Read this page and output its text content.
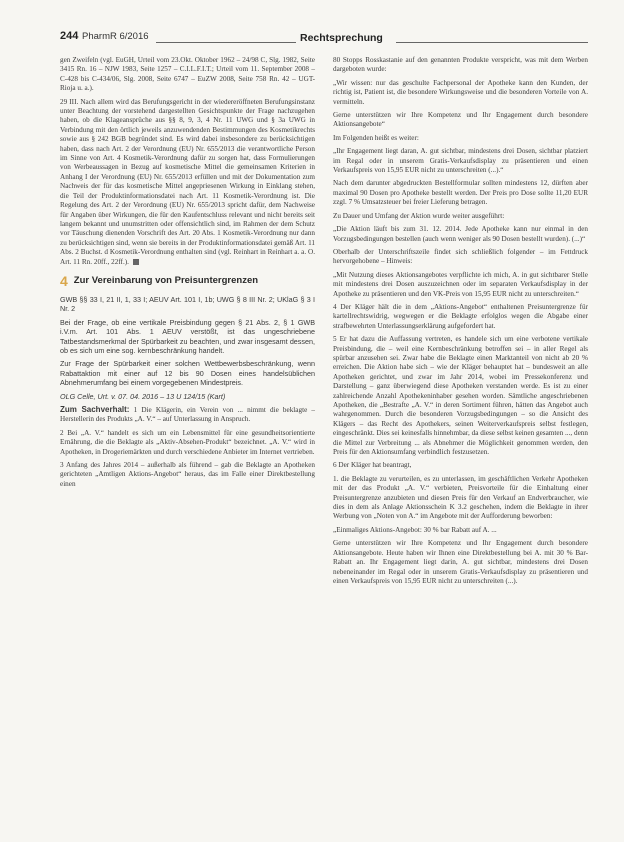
244 PharmR 6/2016	Rechtsprechung

gen Zweifeln (vgl. EuGH, Urteil vom 23.Okt. Oktober 1962 – 24/98 C, Slg. 1982, Seite 3415 Rn. 16 – NJW 1983, Seite 1257 – C.I.L.F.I.T.; Urteil vom 11. September 2008 – C-428 bis C-434/06, Slg. 2008, Seite 6747 – EuZW 2008, Seite 758 Rn. 42 – UGT-Rioja u. a.).

29 III. Nach allem wird das Berufungsgericht in der wiedereröffneten Berufungsinstanz unter Beachtung der vorstehend dargestellten Gesichtspunkte der Frage nachzugehen haben, ob die Klageansprüche aus §§ 8, 9, 3, 4 Nr. 11 UWG und § 3a UWG in Verbindung mit den örtlich jeweils anzuwendenden Bestimmungen des Kosmetikrechts sowie aus § 242 BGB begründet sind. Es wird dabei insbesondere zu berücksichtigen haben, dass nach Art. 2 der Verordnung (EU) Nr. 655/2013 die verantwortliche Person im Sinne von Art. 4 Kosmetik-Verordnung dafür zu sorgen hat, dass Formulierungen von Werbeaussagen in Bezug auf kosmetische Mittel die gemeinsamen Kriterien in Anhang I der Verordnung (EU) Nr. 655/2013 erfüllen und mit der Dokumentation zum Nachweis der für das kosmetische Mittel angepriesenen Wirkung in Einklang stehen, die Teil der Produktinformationsdatei nach Art. 11 Kosmetik-Verordnung ist. Die Regelung des Art. 2 der Verordnung (EU) Nr. 655/2013 spricht dafür, dem Nachweise für Angaben über Wirkungen, die für den Kaufentschluss relevant und nicht bereits seit langem bekannt und unumstritten oder offensichtlich sind, im Rahmen der dem Schutz vor Täuschung dienenden Vorschrift des Art. 20 Abs. 1 Kosmetik-Verordnung nur dann zu berücksichtigen sind, wenn sie bereits in der Produktinformationsdatei gemäß Art. 11 Abs. 2 Buchst. d Kosmetik-Verordnung enthalten sind (vgl. Reinhart in Reinhart a. a. O. Art. 11 Rn. 20ff., 22ff.).

4 Zur Vereinbarung von Preisuntergrenzen

GWB §§ 33 I, 21 II, 1, 33 I; AEUV Art. 101 I, 1b; UWG § 8 III Nr. 2; UKlaG § 3 I Nr. 2

Bei der Frage, ob eine vertikale Preisbindung gegen § 21 Abs. 2, § 1 GWB i.V.m. Art. 101 Abs. 1 AEUV verstößt, ist das ungeschriebene Tatbestandsmerkmal der Spürbarkeit zu beachten, und zwar insgesamt dessen, ob es sich um eine sog. kernbeschränkung handelt.

Zur Frage der Spürbarkeit einer solchen Wettbewerbsbeschränkung, wenn Rabattaktion mit einer auf 12 bis 90 Dosen eines handelsüblichen Abnehmerumfang bei einem vorgegebenen Mindestpreis.

OLG Celle, Urt. v. 07. 04. 2016 – 13 U 124/15 (Kart)

Zum Sachverhalt: 1 Die Klägerin, ein Verein von ... nimmt die beklagte – Herstellerin des Produkts „A. V.“ – auf Unterlassung in Anspruch.

2 Bei „A. V.“ handelt es sich um ein Lebensmittel für eine gesundheitsorientierte Ernährung, die die Beklagte als „Aktiv-Absehen-Produkt“ bezeichnet. „A. V.“ wird in Apotheken, in Drogeriemärkten und durch verschiedene Anbieter im Internet vertrieben.

3 Anfang des Jahres 2014 – außerhalb als führend – gab die Beklagte an Apotheken gerichteten „Amtligen Aktions-Angebot“ heraus, das im Falle einer Direktbestellung einen

80 Stopps Rosskastanie auf den genannten Produkte verspricht, was mit dem Werben dargeboten wurde:

„Wir wissen: nur das geschulte Fachpersonal der Apotheke kann den Kunden, der richtig ist, Patient ist, die besondere Wirkungsweise und die besonderen Vorteile von A. vermitteln.

Gerne unterstützen wir Ihre Kompetenz und Ihr Engagement durch besondere Aktionsangebote“

Im Folgenden heißt es weiter:

„Ihr Engagement liegt daran, A. gut sichtbar, mindestens drei Dosen, sichtbar platziert im Regal oder in unserem Gratis-Verkaufsdisplay zu präsentieren und einen Verkaufspreis von 15,95 EUR nicht zu unterschreiten (...).“

Nach dem darunter abgedruckten Bestellformular sollten mindestens 12, dürften aber maximal 90 Dosen pro Apotheke bestellt werden. Der Preis pro Dose sollte 11,20 EUR zzgl. 7 % Umsatzsteuer bei freier Lieferung betragen.

Zu Dauer und Umfang der Aktion wurde weiter ausgeführt:

„Die Aktion läuft bis zum 31. 12. 2014. Jede Apotheke kann nur einmal in den Vorzugsbedingungen bestellen (auch wenn weniger als 90 Dosen bestellt wurden). (...)“

Oberhalb der Unterschriftszeile findet sich schließlich folgender – im Fettdruck hervorgehobene – Hinweis:

„Mit Nutzung dieses Aktionsangebotes verpflichte ich mich, A. in gut sichtbarer Stelle mit mindestens drei Dosen auszuzeichnen oder im separaten Verkaufsdisplay in der Apotheke zu präsentieren und den VK-Preis von 15,95 EUR nicht zu unterschreiten.“

4 Der Kläger hält die in dem „Aktions-Angebot“ enthaltenen Preisuntergrenze für kartellrechtswidrig, wegwegen er die Beklagte erfolglos wegen die Abgabe einer strafbewehrten Unterlassungserklärung aufgefordert hat.

5 Er hat dazu die Auffassung vertreten, es handele sich um eine verbotene vertikale Preisbindung, die – weil eine Kernbeschränkung betroffen sei – in aller Regel als spürbar anzusehen sei. Zwar habe die Beklagte einen Marktanteil von nicht ab 20 % erreichen. Die Aktion habe sich – wie der Kläger behauptet hat – bundesweit an alle Apotheken gerichtet, und zwar im Jahr 2014, wobei im Pressekonferenz und Darstellung – ganz überwiegend diese Apotheken verstanden werde. Es ist zu einer zahlreichende Anzahl Apothekeninhaber gesehen worden. Sämtliche angeschriebenen Apotheken, die „Bestrafte „A. V.“ in deren Sortiment führen, hätten das Angebot auch wahrgenommen. Durch die besonderen Vorzugsbedingungen – so die Ansicht des Klägers – das Recht des Apothekers, seinen Weiterverkaufspreis selbst festlegen, eingeschränkt. Dies sei keinesfalls hinnehmbar, da diese selbst keinen gesamten ..., denn die Mittel zur Verbreitung ... als Abnehmer die Möglichkeit genommen werden, den Preis für den Aktionsumfang verbindlich festzusetzen.

6 Der Kläger hat beantragt,

1. die Beklagte zu verurteilen, es zu unterlassen, im geschäftlichen Verkehr Apotheken mit der das Produkt „A. V.“ verbieten, Preisvorteile für die Einhaltung einer Preisuntergrenze anzubieten und diesen Preis für den Verkauf an Endverbraucher, wie dies in dem als Anlage Aktionsschein K 3.2 geschehen, indem die Beklagte in ihrer Werbung von „Noten von A.“ im Angebote mit der Aufforderung beworben:

„Einmaliges Aktions-Angebot: 30 % bar Rabatt auf A. ...

Gerne unterstützen wir Ihre Kompetenz und Ihr Engagement durch besondere Aktionsangebote. Heute haben wir Ihnen eine Direktbestellung bei A. mit 30 % Bar-Rabatt an. Ihr Engagement liegt darin, A. gut sichtbar, mindestens drei Dosen nebeneinander im Regal oder in unserem Gratis-Verkaufsdisplay zu präsentieren und einen Verkaufspreis von 15,95 EUR nicht zu unterschreiten (...).
